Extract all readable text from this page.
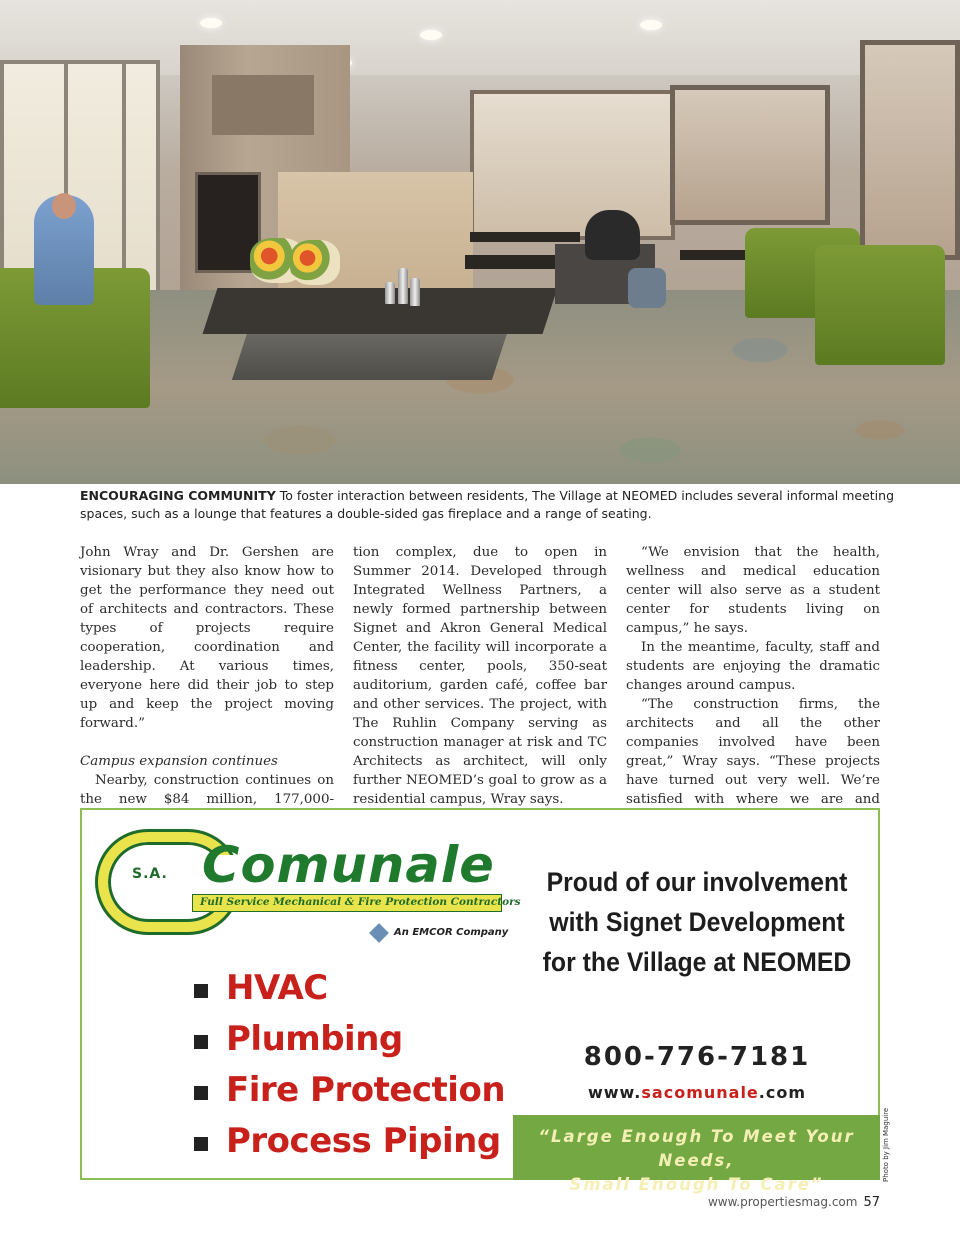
ENCOURAGING COMMUNITY To foster interaction between residents, The Village at NEOMED includes several informal meeting spaces, such as a lounge that features a double-sided gas fireplace and a range of seating.

John Wray and Dr. Gershen are visionary but they also know how to get the performance they need out of architects and contractors. These types of projects require cooperation, coordination and leadership. At various times, everyone here did their job to step up and keep the project moving forward.”

Campus expansion continues

Nearby, construction continues on the new $84 million, 177,000-

tion complex, due to open in Summer 2014. Developed through Integrated Wellness Partners, a newly formed partnership between Signet and Akron General Medical Center, the facility will incorporate a fitness center, pools, 350-seat auditorium, garden café, coffee bar and other services. The project, with The Ruhlin Company serving as construction manager at risk and TC Architects as architect, will only further NEOMED’s goal to grow as a residential campus, Wray says.

“We envision that the health, wellness and medical education center will also serve as a student center for students living on campus,” he says.

In the meantime, faculty, staff and students are enjoying the dramatic changes around campus.

“The construction firms, the architects and all the other companies involved have been great,” Wray says. “These projects have turned out very well. We’re satisfied with where we are and

S.A. Comunale
Full Service Mechanical & Fire Protection Contractors
An EMCOR Company
Proud of our involvement
with Signet Development
for the Village at NEOMED
HVAC
Plumbing
Fire Protection
Process Piping
800-776-7181
www.sacomunale.com
“Large Enough To Meet Your Needs,
Small Enough To Care”
Photo by Jim Maguire
www.propertiesmag.com 57
